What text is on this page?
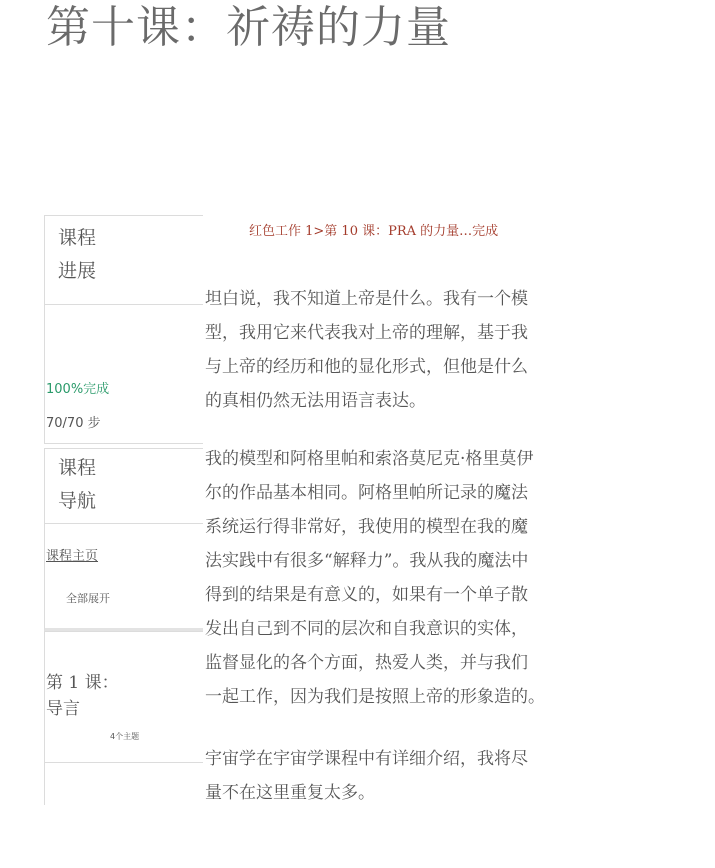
第十课：祈祷的力量
红色工作 1>第 10 课：PRA 的力量…完成
课程
进展
100%完成
70/70 步
课程
导航
课程主页
全部展开
第 1 课：
导言
4个主题
坦白说，我不知道上帝是什么。我有一个模
型，我用它来代表我对上帝的理解，基于我
与上帝的经历和他的显化形式，但他是什么
的真相仍然无法用语言表达。
我的模型和阿格里帕和索洛莫尼克·格里莫伊
尔的作品基本相同。阿格里帕所记录的魔法
系统运行得非常好，我使用的模型在我的魔
法实践中有很多“解释力”。我从我的魔法中
得到的结果是有意义的，如果有一个单子散
发出自己到不同的层次和自我意识的实体，
监督显化的各个方面，热爱人类，并与我们
一起工作，因为我们是按照上帝的形象造的。
宇宙学在宇宙学课程中有详细介绍，我将尽
量不在这里重复太多。
